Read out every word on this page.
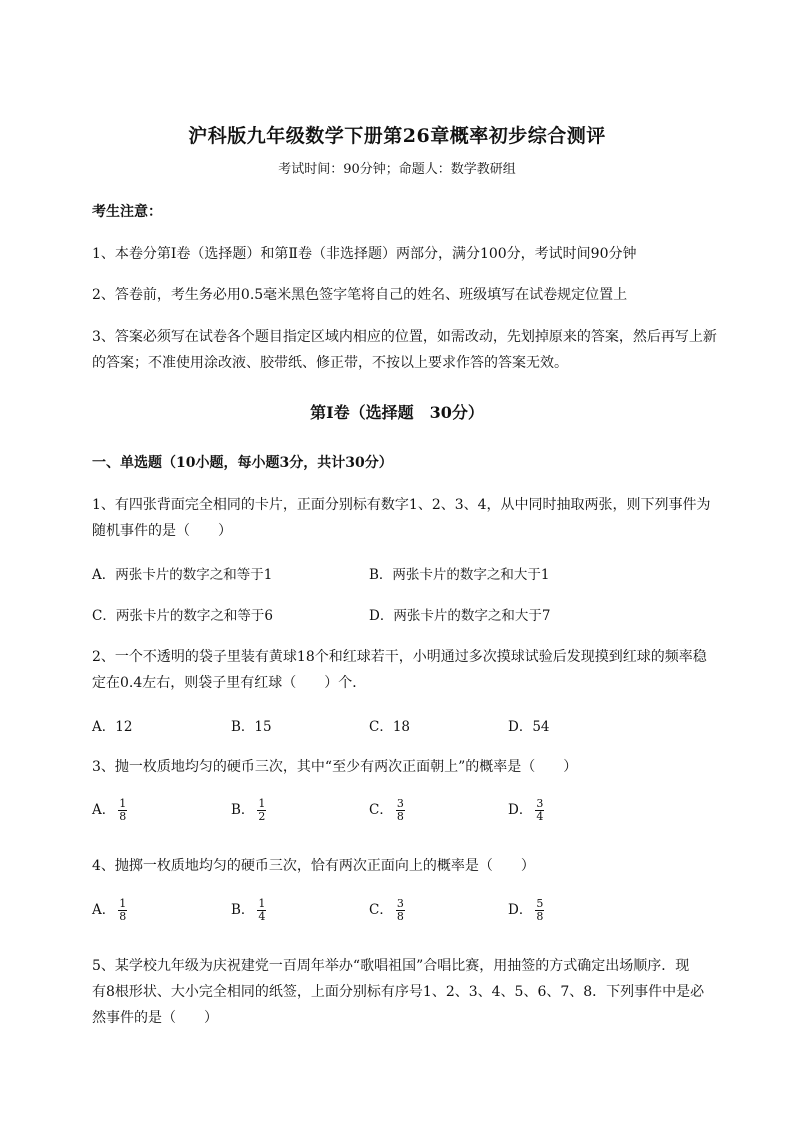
沪科版九年级数学下册第26章概率初步综合测评
考试时间：90分钟；命题人：数学教研组
考生注意：
1、本卷分第I卷（选择题）和第Ⅱ卷（非选择题）两部分，满分100分，考试时间90分钟
2、答卷前，考生务必用0.5毫米黑色签字笔将自己的姓名、班级填写在试卷规定位置上
3、答案必须写在试卷各个题目指定区域内相应的位置，如需改动，先划掉原来的答案，然后再写上新
的答案；不准使用涂改液、胶带纸、修正带，不按以上要求作答的答案无效。
第I卷（选择题　30分）
一、单选题（10小题，每小题3分，共计30分）
1、有四张背面完全相同的卡片，正面分别标有数字1、2、3、4，从中同时抽取两张，则下列事件为
随机事件的是（　　）
A．两张卡片的数字之和等于1	B．两张卡片的数字之和大于1
C．两张卡片的数字之和等于6	D．两张卡片的数字之和大于7
2、一个不透明的袋子里装有黄球18个和红球若干，小明通过多次摸球试验后发现摸到红球的频率稳
定在0.4左右，则袋子里有红球（　　）个．
A．12	B．15	C．18	D．54
3、抛一枚质地均匀的硬币三次，其中“至少有两次正面朝上”的概率是（　　）
A． $\frac{1}{8}$	B． $\frac{1}{2}$	C． $\frac{3}{8}$	D． $\frac{3}{4}$
4、抛掷一枚质地均匀的硬币三次，恰有两次正面向上的概率是（　　）
A． $\frac{1}{8}$	B． $\frac{1}{4}$	C． $\frac{3}{8}$	D． $\frac{5}{8}$
5、某学校九年级为庆祝建党一百周年举办“歌唱祖国”合唱比赛，用抽签的方式确定出场顺序．现
有8根形状、大小完全相同的纸签，上面分别标有序号1、2、3、4、5、6、7、8．下列事件中是必
然事件的是（　　）
